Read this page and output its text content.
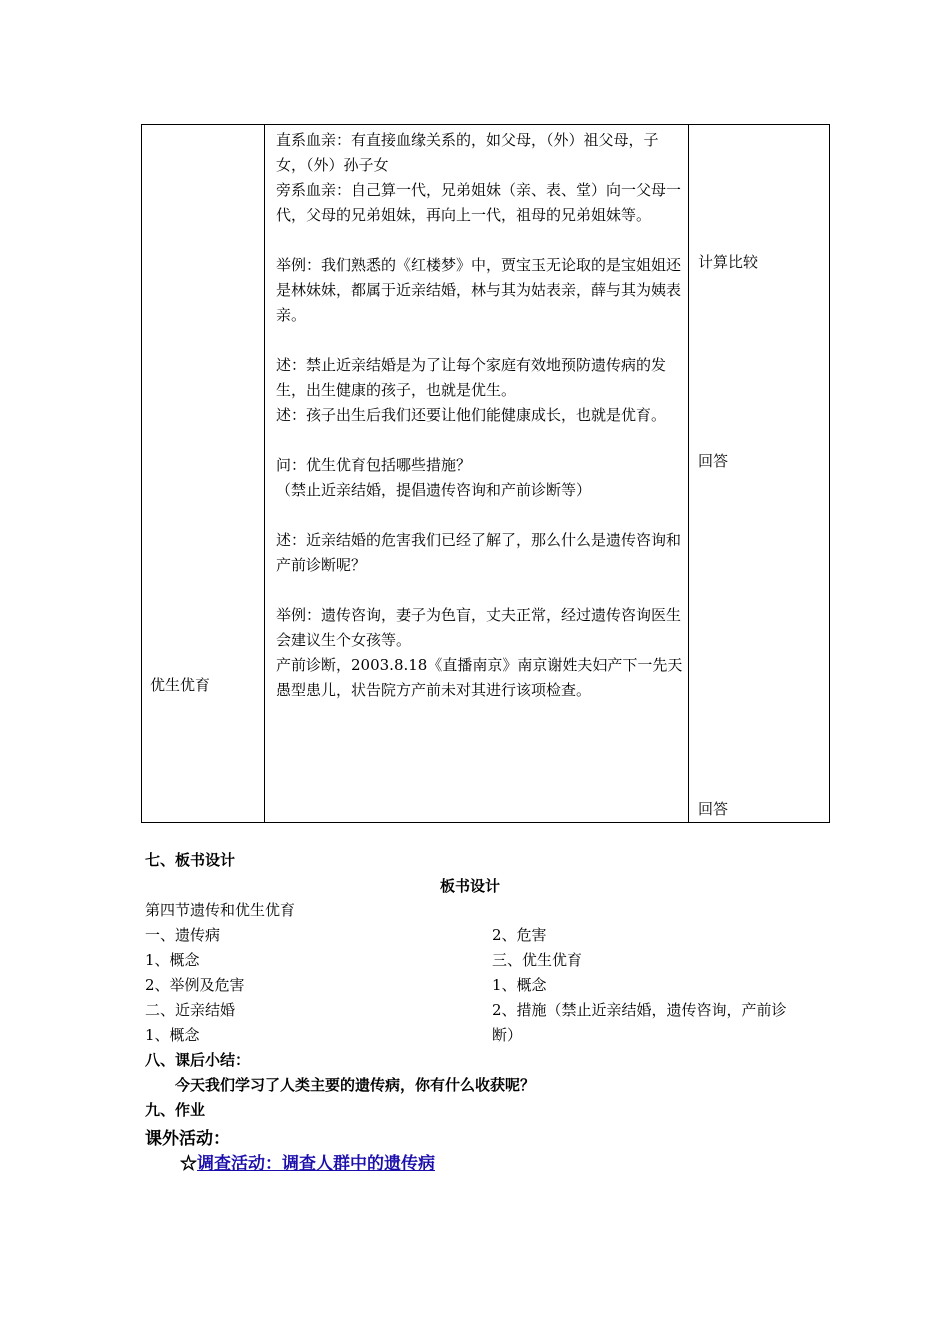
优生优育

直系血亲：有直接血缘关系的，如父母，（外）祖父母，子女，（外）孙子女

旁系血亲：自己算一代，兄弟姐妹（亲、表、堂）向一父母一代，父母的兄弟姐妹，再向上一代，祖母的兄弟姐妹等。

举例：我们熟悉的《红楼梦》中，贾宝玉无论取的是宝姐姐还是林妹妹，都属于近亲结婚，林与其为姑表亲，薛与其为姨表亲。

述：禁止近亲结婚是为了让每个家庭有效地预防遗传病的发生，出生健康的孩子，也就是优生。

述：孩子出生后我们还要让他们能健康成长，也就是优育。

问：优生优育包括哪些措施？

（禁止近亲结婚，提倡遗传咨询和产前诊断等）

述：近亲结婚的危害我们已经了解了，那么什么是遗传咨询和产前诊断呢？

举例：遗传咨询，妻子为色盲，丈夫正常，经过遗传咨询医生会建议生个女孩等。

产前诊断，2003.8.18《直播南京》南京谢姓夫妇产下一先天愚型患儿，状告院方产前未对其进行该项检查。

计算比较
回答
回答
七、板书设计
板书设计
第四节遗传和优生优育
一、遗传病
1、概念
2、举例及危害
二、近亲结婚
1、概念
2、危害
三、优生优育
1、概念
2、措施（禁止近亲结婚，遗传咨询，产前诊
断）
八、课后小结：
今天我们学习了人类主要的遗传病，你有什么收获呢？
九、作业
课外活动：
☆调查活动：调查人群中的遗传病
